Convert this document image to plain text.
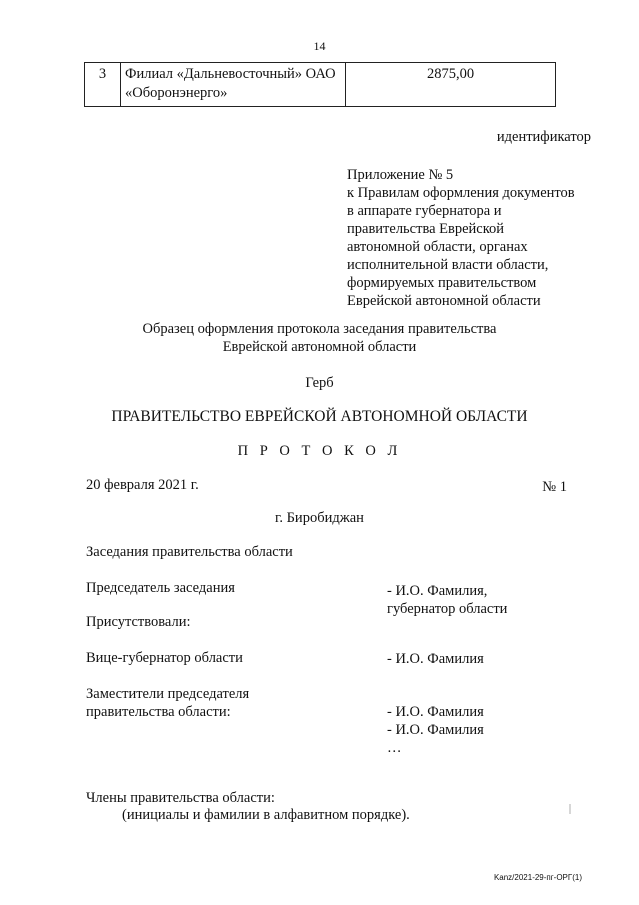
14
3	Филиал «Дальневосточный» ОАО
«Оборонэнерго»
	2875,00
идентификатор
Приложение № 5
к Правилам оформления документов
в аппарате губернатора и
правительства Еврейской
автономной области, органах
исполнительной власти области,
формируемых правительством
Еврейской автономной области
Образец оформления протокола заседания правительства
Еврейской автономной области
Герб
ПРАВИТЕЛЬСТВО ЕВРЕЙСКОЙ АВТОНОМНОЙ ОБЛАСТИ
П Р О Т О К О Л
20 февраля 2021 г.	№ 1
г. Биробиджан
Заседания правительства области
Председатель заседания	- И.О. Фамилия,
губернатор области
Присутствовали:
Вице-губернатор области	- И.О. Фамилия
Заместители председателя
правительства области:	- И.О. Фамилия
- И.О. Фамилия
…
Члены правительства области:
(инициалы и фамилии в алфавитном порядке).
Kanz/2021-29-пг-ОРГ(1)
